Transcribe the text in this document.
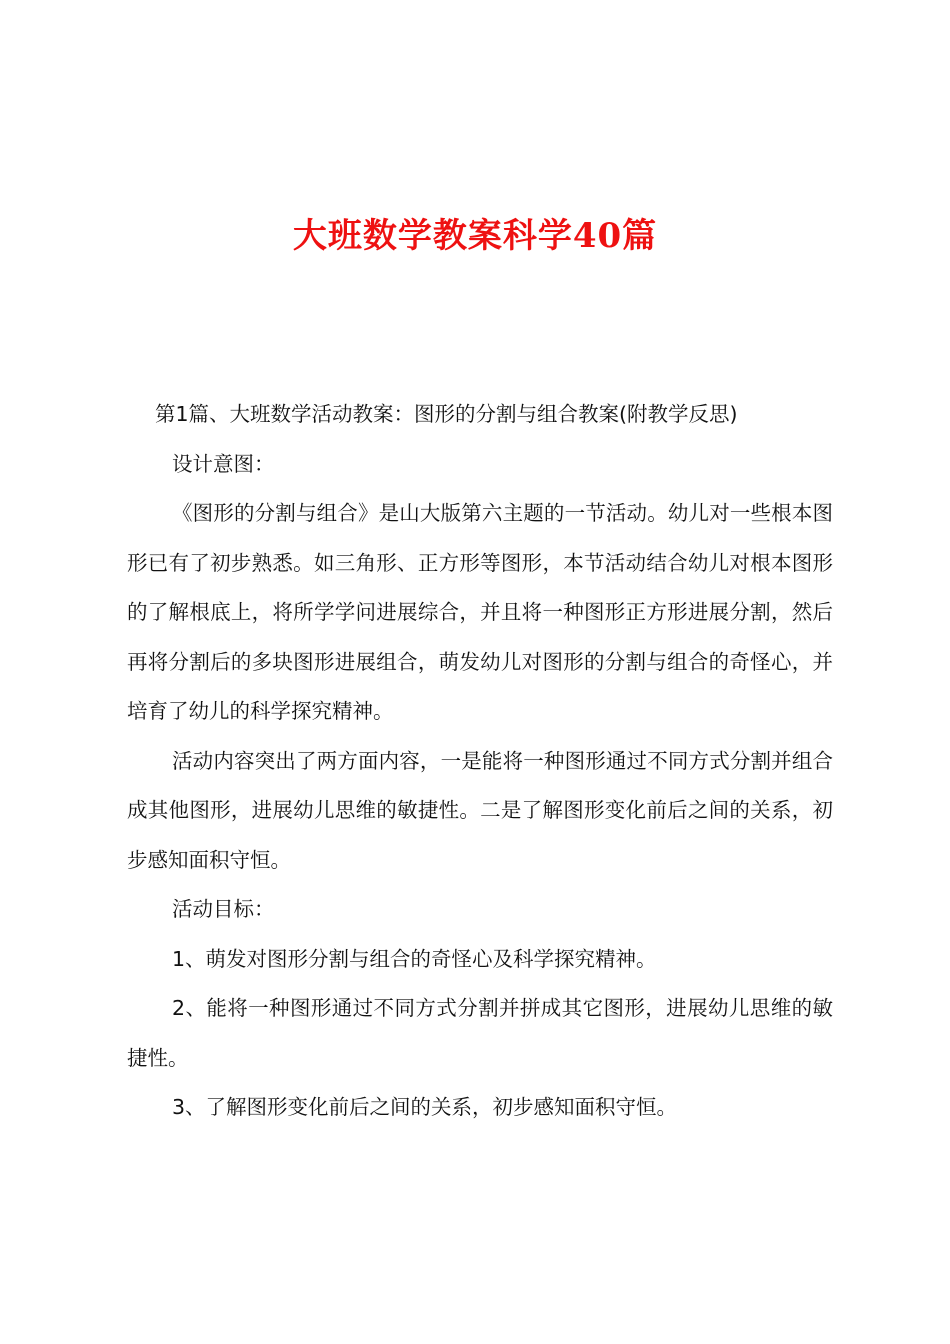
大班数学教案科学40篇

第1篇、大班数学活动教案：图形的分割与组合教案(附教学反思)

设计意图：

《图形的分割与组合》是山大版第六主题的一节活动。幼儿对一些根本图形已有了初步熟悉。如三角形、正方形等图形，本节活动结合幼儿对根本图形的了解根底上，将所学学问进展综合，并且将一种图形正方形进展分割，然后再将分割后的多块图形进展组合，萌发幼儿对图形的分割与组合的奇怪心，并培育了幼儿的科学探究精神。

活动内容突出了两方面内容，一是能将一种图形通过不同方式分割并组合成其他图形，进展幼儿思维的敏捷性。二是了解图形变化前后之间的关系，初步感知面积守恒。

活动目标：

1、萌发对图形分割与组合的奇怪心及科学探究精神。

2、能将一种图形通过不同方式分割并拼成其它图形，进展幼儿思维的敏捷性。

3、了解图形变化前后之间的关系，初步感知面积守恒。
